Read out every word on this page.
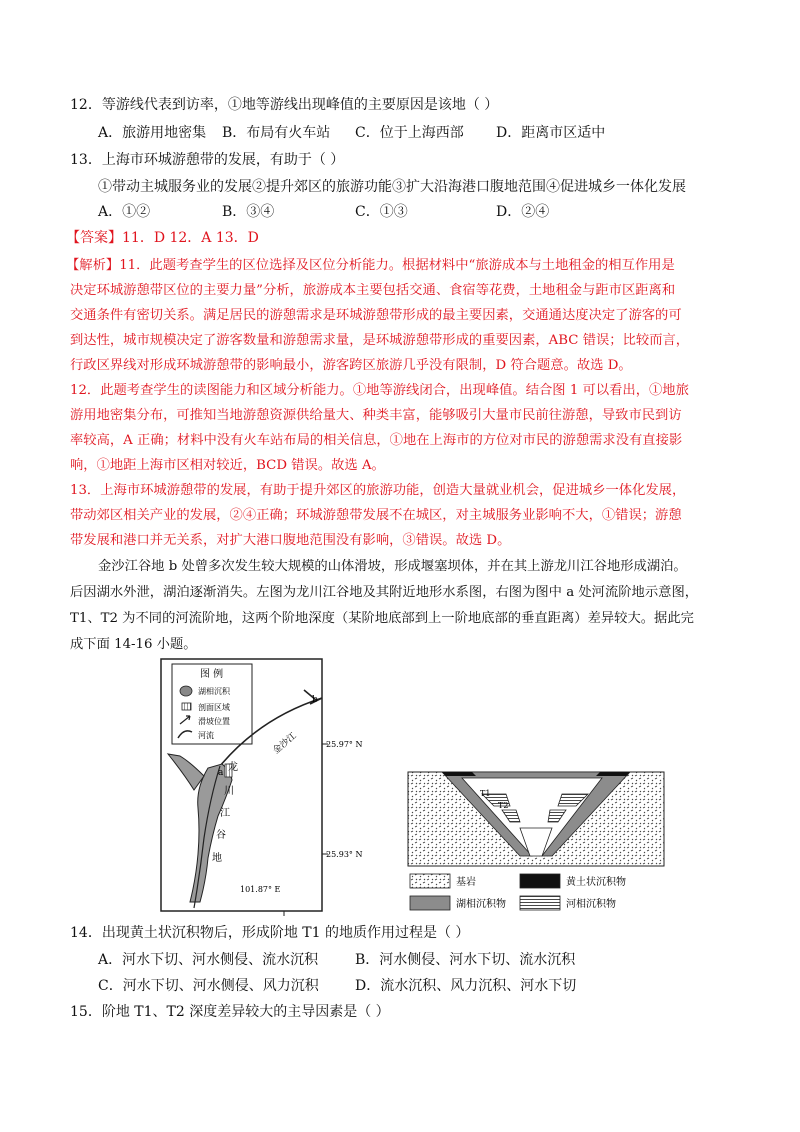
12．等游线代表到访率，①地等游线出现峰值的主要原因是该地（ ）
A．旅游用地密集 B．布局有火车站 C．位于上海西部 D．距离市区适中
13．上海市环城游憩带的发展，有助于（ ）
①带动主城服务业的发展②提升郊区的旅游功能③扩大沿海港口腹地范围④促进城乡一体化发展
A．①②	B．③④	C．①③	D．②④
【答案】11．D 12．A 13．D
【解析】11．此题考查学生的区位选择及区位分析能力。根据材料中“旅游成本与土地租金的相互作用是
决定环城游憩带区位的主要力量”分析，旅游成本主要包括交通、食宿等花费，土地租金与距市区距离和
交通条件有密切关系。满足居民的游憩需求是环城游憩带形成的最主要因素，交通通达度决定了游客的可
到达性，城市规模决定了游客数量和游憩需求量，是环城游憩带形成的重要因素，ABC 错误；比较而言，
行政区界线对形成环城游憩带的影响最小，游客跨区旅游几乎没有限制，D 符合题意。故选 D。
12．此题考查学生的读图能力和区域分析能力。①地等游线闭合，出现峰值。结合图 1 可以看出，①地旅
游用地密集分布，可推知当地游憩资源供给量大、种类丰富，能够吸引大量市民前往游憩，导致市民到访
率较高，A 正确；材料中没有火车站布局的相关信息，①地在上海市的方位对市民的游憩需求没有直接影
响，①地距上海市区相对较近，BCD 错误。故选 A。
13．上海市环城游憩带的发展，有助于提升郊区的旅游功能，创造大量就业机会，促进城乡一体化发展，
带动郊区相关产业的发展，②④正确；环城游憩带发展不在城区，对主城服务业影响不大，①错误；游憩
带发展和港口并无关系，对扩大港口腹地范围没有影响，③错误。故选 D。
金沙江谷地 b 处曾多次发生较大规模的山体滑坡，形成堰塞坝体，并在其上游龙川江谷地形成湖泊。
后因湖水外泄，湖泊逐渐消失。左图为龙川江谷地及其附近地形水系图，右图为图中 a 处河流阶地示意图，
T1、T2 为不同的河流阶地，这两个阶地深度（某阶地底部到上一阶地底部的垂直距离）差异较大。据此完
成下面 14-16 小题。
图 例
湖相沉积
剖面区域
滑坡位置
河流
b
金沙江
a 龙
川
江
谷
地
25.97° N
25.93° N
101.87° E
T1
T2
基岩	黄土状沉积物
湖相沉积物	河相沉积物
14．出现黄土状沉积物后，形成阶地 T1 的地质作用过程是（ ）
A．河水下切、河水侧侵、流水沉积	B．河水侧侵、河水下切、流水沉积
C．河水下切、河水侧侵、风力沉积	D．流水沉积、风力沉积、河水下切
15．阶地 T1、T2 深度差异较大的主导因素是（ ）
